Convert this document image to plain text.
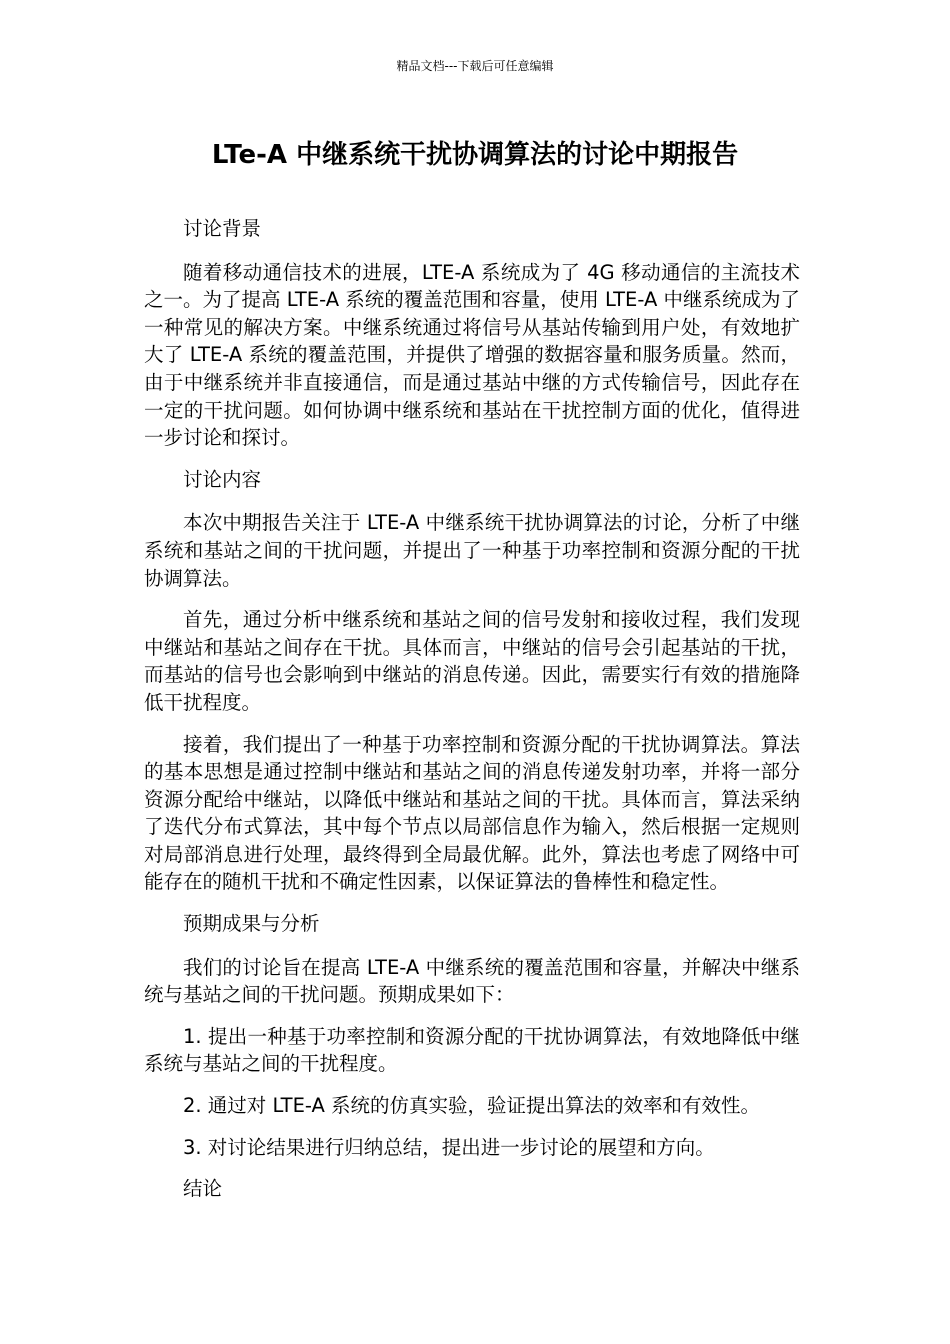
精品文档---下载后可任意编辑
LTe-A 中继系统干扰协调算法的讨论中期报告

讨论背景

随着移动通信技术的进展，LTE-A 系统成为了 4G 移动通信的主流技术之一。为了提高 LTE-A 系统的覆盖范围和容量，使用 LTE-A 中继系统成为了一种常见的解决方案。中继系统通过将信号从基站传输到用户处，有效地扩大了 LTE-A 系统的覆盖范围，并提供了增强的数据容量和服务质量。然而，由于中继系统并非直接通信，而是通过基站中继的方式传输信号，因此存在一定的干扰问题。如何协调中继系统和基站在干扰控制方面的优化，值得进一步讨论和探讨。

讨论内容

本次中期报告关注于 LTE-A 中继系统干扰协调算法的讨论，分析了中继系统和基站之间的干扰问题，并提出了一种基于功率控制和资源分配的干扰协调算法。

首先，通过分析中继系统和基站之间的信号发射和接收过程，我们发现中继站和基站之间存在干扰。具体而言，中继站的信号会引起基站的干扰，而基站的信号也会影响到中继站的消息传递。因此，需要实行有效的措施降低干扰程度。

接着，我们提出了一种基于功率控制和资源分配的干扰协调算法。算法的基本思想是通过控制中继站和基站之间的消息传递发射功率，并将一部分资源分配给中继站，以降低中继站和基站之间的干扰。具体而言，算法采纳了迭代分布式算法，其中每个节点以局部信息作为输入，然后根据一定规则对局部消息进行处理，最终得到全局最优解。此外，算法也考虑了网络中可能存在的随机干扰和不确定性因素，以保证算法的鲁棒性和稳定性。

预期成果与分析

我们的讨论旨在提高 LTE-A 中继系统的覆盖范围和容量，并解决中继系统与基站之间的干扰问题。预期成果如下：

1. 提出一种基于功率控制和资源分配的干扰协调算法，有效地降低中继系统与基站之间的干扰程度。

2. 通过对 LTE-A 系统的仿真实验，验证提出算法的效率和有效性。

3. 对讨论结果进行归纳总结，提出进一步讨论的展望和方向。

结论
